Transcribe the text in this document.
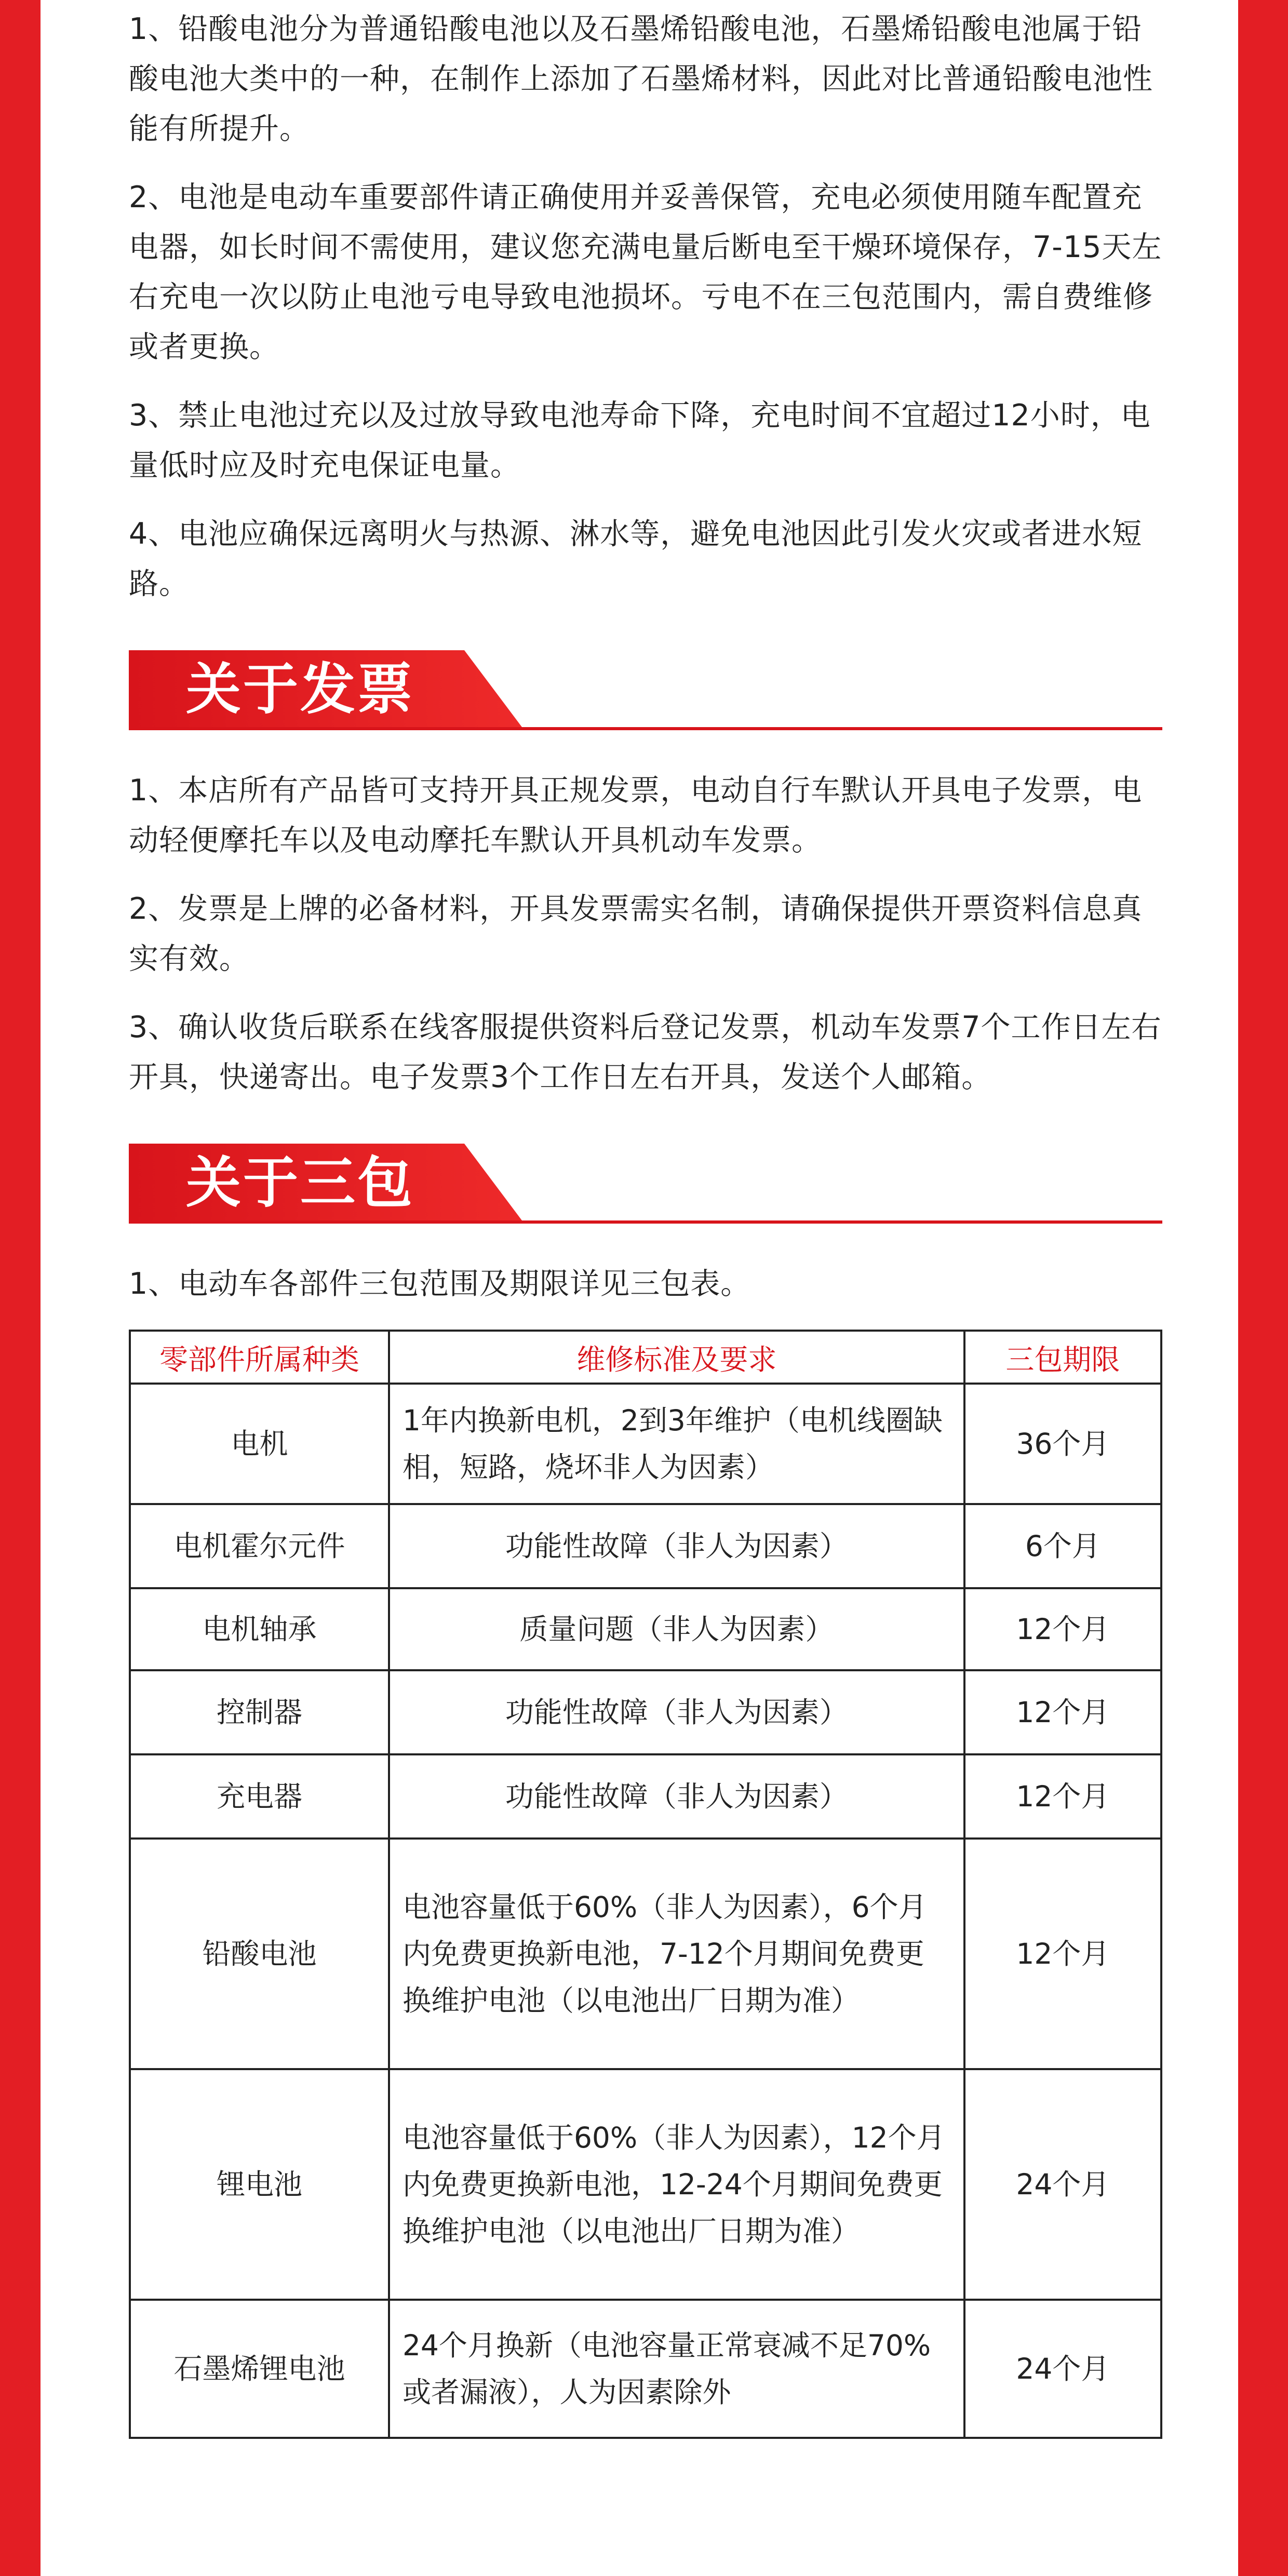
1、铅酸电池分为普通铅酸电池以及石墨烯铅酸电池，石墨烯铅酸电池属于铅酸电池大类中的一种，在制作上添加了石墨烯材料，因此对比普通铅酸电池性能有所提升。

2、电池是电动车重要部件请正确使用并妥善保管，充电必须使用随车配置充电器，如长时间不需使用，建议您充满电量后断电至干燥环境保存，7-15天左右充电一次以防止电池亏电导致电池损坏。亏电不在三包范围内，需自费维修或者更换。

3、禁止电池过充以及过放导致电池寿命下降，充电时间不宜超过12小时，电量低时应及时充电保证电量。

4、电池应确保远离明火与热源、淋水等，避免电池因此引发火灾或者进水短路。

关于发票

1、本店所有产品皆可支持开具正规发票，电动自行车默认开具电子发票，电动轻便摩托车以及电动摩托车默认开具机动车发票。

2、发票是上牌的必备材料，开具发票需实名制，请确保提供开票资料信息真实有效。

3、确认收货后联系在线客服提供资料后登记发票，机动车发票7个工作日左右开具，快递寄出。电子发票3个工作日左右开具，发送个人邮箱。

关于三包

1、电动车各部件三包范围及期限详见三包表。

零部件所属种类	维修标准及要求	三包期限
电机	1年内换新电机，2到3年维护（电机线圈缺相，短路，烧坏非人为因素）	36个月
电机霍尔元件	功能性故障（非人为因素）	6个月
电机轴承	质量问题（非人为因素）	12个月
控制器	功能性故障（非人为因素）	12个月
充电器	功能性故障（非人为因素）	12个月
铅酸电池	电池容量低于60%（非人为因素），6个月内免费更换新电池，7-12个月期间免费更换维护电池（以电池出厂日期为准）	12个月
锂电池	电池容量低于60%（非人为因素），12个月内免费更换新电池，12-24个月期间免费更换维护电池（以电池出厂日期为准）	24个月
石墨烯锂电池	24个月换新（电池容量正常衰减不足70%或者漏液），人为因素除外	24个月
